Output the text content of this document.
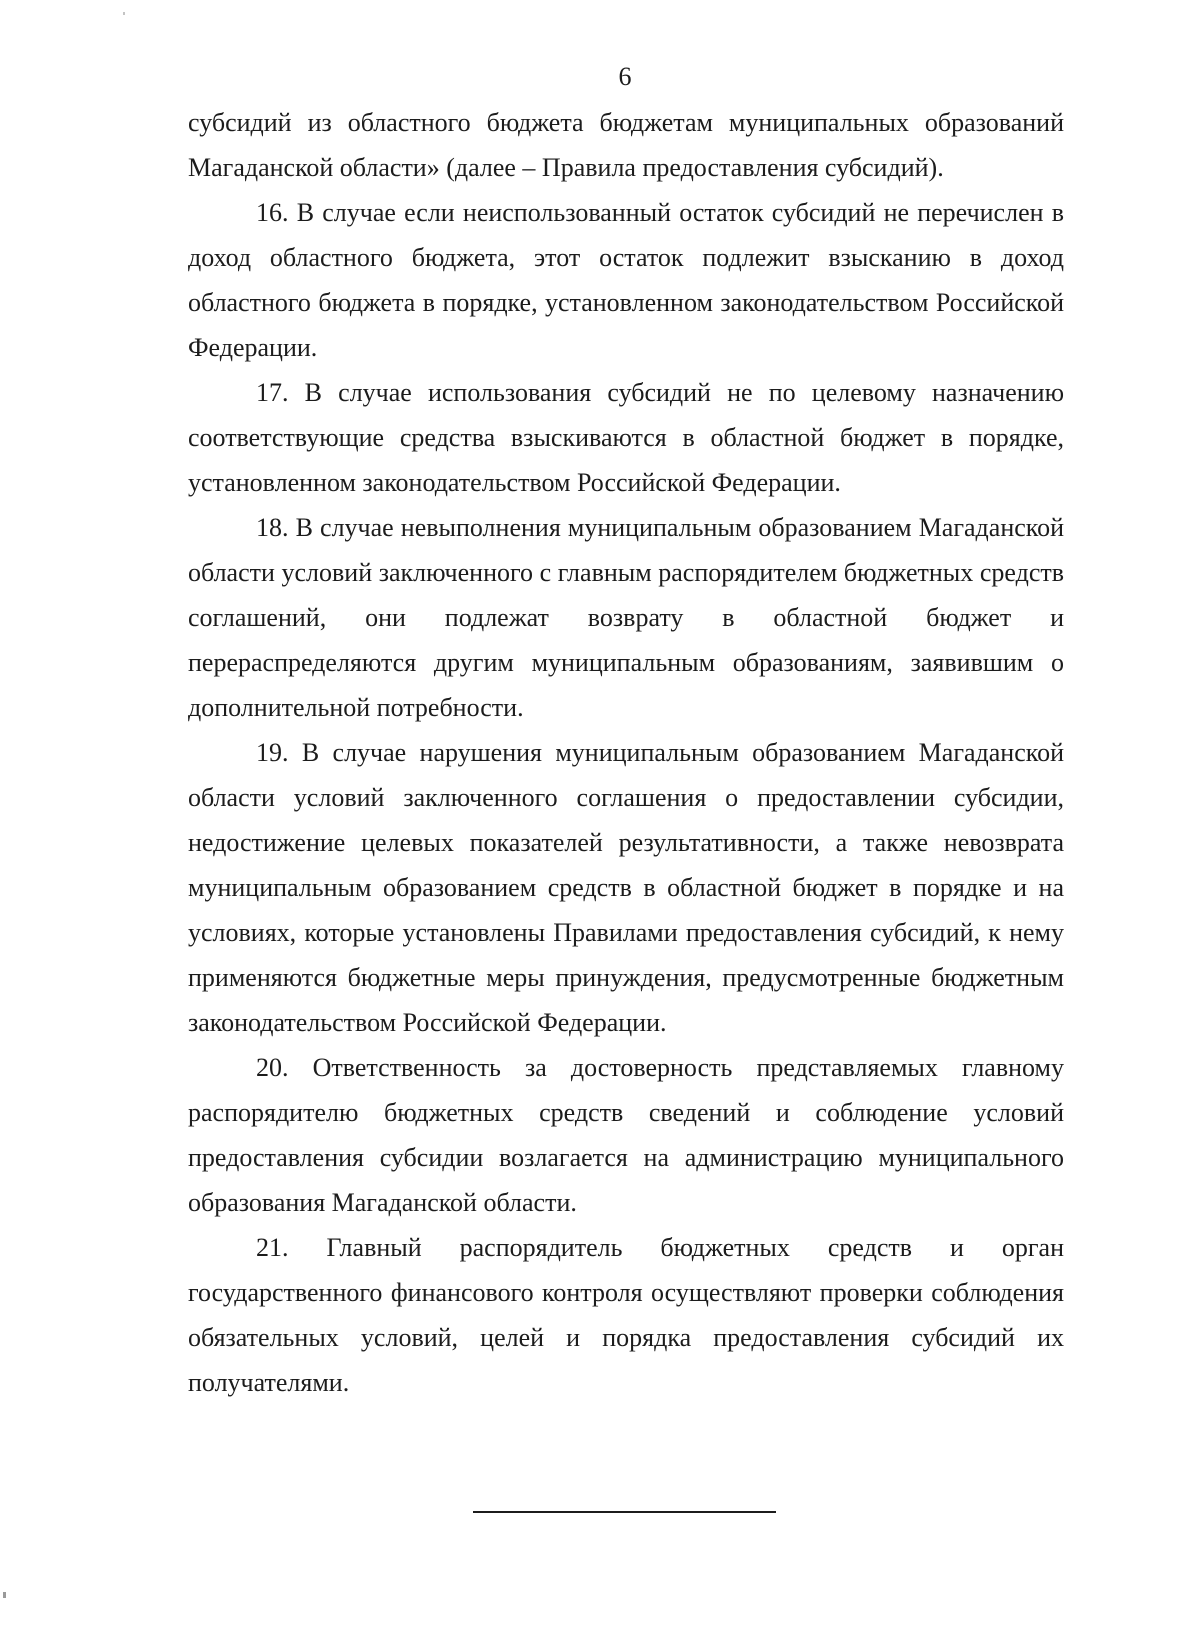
6

субсидий из областного бюджета бюджетам муниципальных образований Магаданской области» (далее – Правила предоставления субсидий).

16. В случае если неиспользованный остаток субсидий не перечислен в доход областного бюджета, этот остаток подлежит взысканию в доход областного бюджета в порядке, установленном законодательством Российской Федерации.

17. В случае использования субсидий не по целевому назначению соответствующие средства взыскиваются в областной бюджет в порядке, установленном законодательством Российской Федерации.

18. В случае невыполнения муниципальным образованием Магаданской области условий заключенного с главным распорядителем бюджетных средств соглашений, они подлежат возврату в областной бюджет и перераспределяются другим муниципальным образованиям, заявившим о дополнительной потребности.

19. В случае нарушения муниципальным образованием Магаданской области условий заключенного соглашения о предоставлении субсидии, недостижение целевых показателей результативности, а также невозврата муниципальным образованием средств в областной бюджет в порядке и на условиях, которые установлены Правилами предоставления субсидий, к нему применяются бюджетные меры принуждения, предусмотренные бюджетным законодательством Российской Федерации.

20. Ответственность за достоверность представляемых главному распорядителю бюджетных средств сведений и соблюдение условий предоставления субсидии возлагается на администрацию муниципального образования Магаданской области.

21. Главный распорядитель бюджетных средств и орган государственного финансового контроля осуществляют проверки соблюдения обязательных условий, целей и порядка предоставления субсидий их получателями.
